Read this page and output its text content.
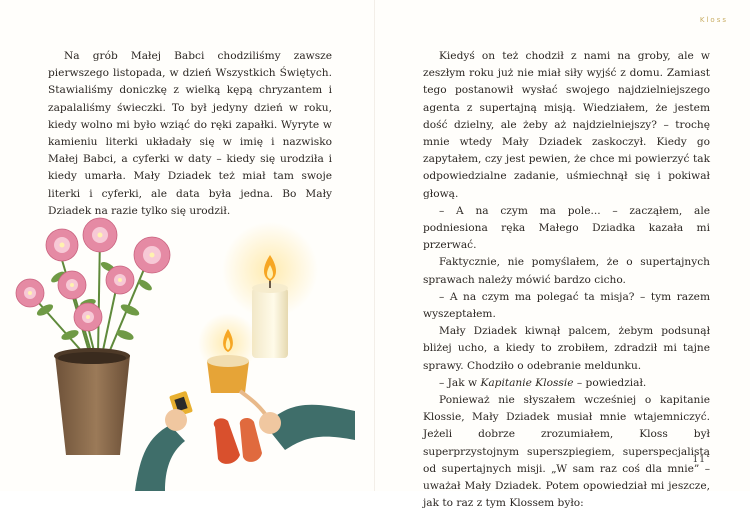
Na grób Małej Babci chodziliśmy zawsze pierwszego listopada, w dzień Wszystkich Świętych. Stawialiśmy doniczkę z wielką kępą chryzantem i zapalaliśmy świeczki. To był jedyny dzień w roku, kiedy wolno mi było wziąć do ręki zapałki. Wyryte w kamieniu literki układały się w imię i nazwisko Małej Babci, a cyferki w daty – kiedy się urodziła i kiedy umarła. Mały Dziadek też miał tam swoje literki i cyferki, ale data była jedna. Bo Mały Dziadek na razie tylko się urodził.

Kloss

Kiedyś on też chodził z nami na groby, ale w zeszłym roku już nie miał siły wyjść z domu. Zamiast tego postanowił wysłać swojego najdzielniejszego agenta z supertajną misją. Wiedziałem, że jestem dość dzielny, ale żeby aż najdzielniejszy? – trochę mnie wtedy Mały Dziadek zaskoczył. Kiedy go zapytałem, czy jest pewien, że chce mi powierzyć tak odpowiedzialne zadanie, uśmiechnął się i pokiwał głową.

– A na czym ma pole... – zacząłem, ale podniesiona ręka Małego Dziadka kazała mi przerwać.

Faktycznie, nie pomyślałem, że o supertajnych sprawach należy mówić bardzo cicho.

– A na czym ma polegać ta misja? – tym razem wyszeptałem.

Mały Dziadek kiwnął palcem, żebym podsunął bliżej ucho, a kiedy to zrobiłem, zdradził mi tajne sprawy. Chodziło o odebranie meldunku.

– Jak w Kapitanie Klossie – powiedział.

Ponieważ nie słyszałem wcześniej o kapitanie Klossie, Mały Dziadek musiał mnie wtajemniczyć. Jeżeli dobrze zrozumiałem, Kloss był superprzystojnym superszpiegiem, superspecjalistą od supertajnych misji. „W sam raz coś dla mnie” – uważał Mały Dziadek. Potem opowiedział mi jeszcze, jak to raz z tym Klossem było:

11
